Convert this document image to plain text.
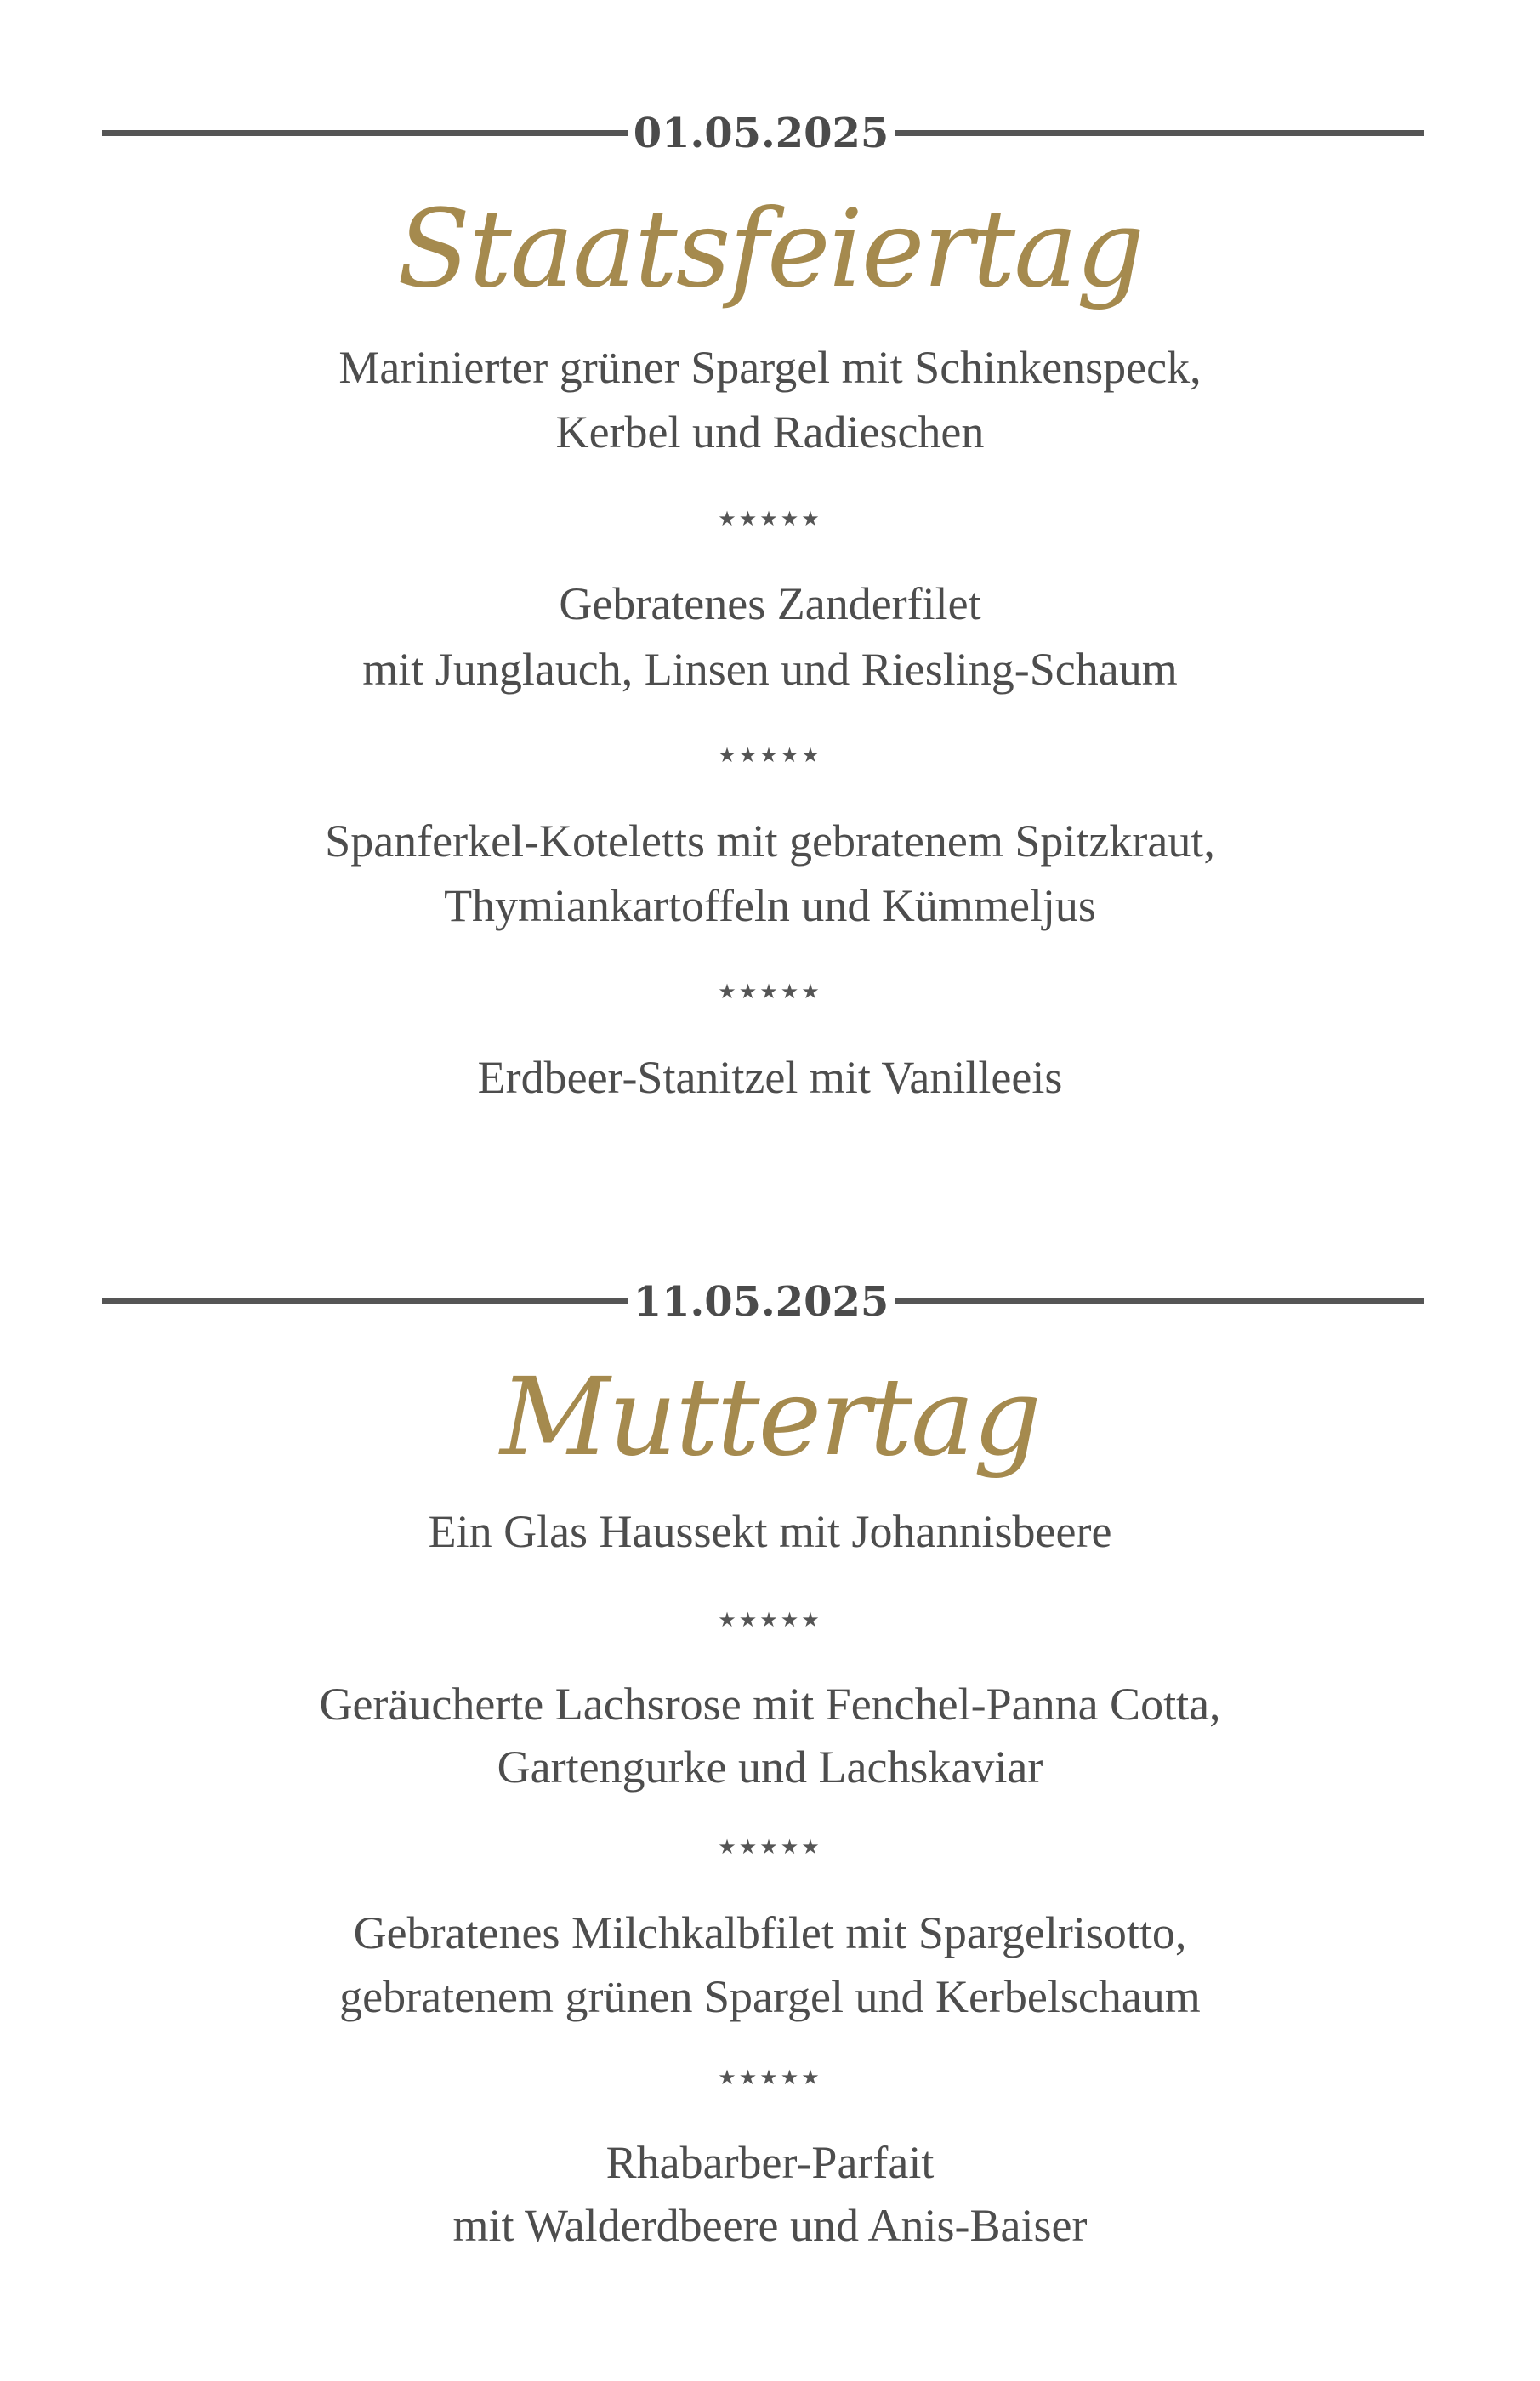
01.05.2025
Staatsfeiertag
Marinierter grüner Spargel mit Schinkenspeck,
Kerbel und Radieschen
★★★★★
Gebratenes Zanderfilet
mit Junglauch, Linsen und Riesling-Schaum
★★★★★
Spanferkel-Koteletts mit gebratenem Spitzkraut,
Thymiankartoffeln und Kümmeljus
★★★★★
Erdbeer-Stanitzel mit Vanilleeis
11.05.2025
Muttertag
Ein Glas Haussekt mit Johannisbeere
★★★★★
Geräucherte Lachsrose mit Fenchel-Panna Cotta,
Gartengurke und Lachskaviar
★★★★★
Gebratenes Milchkalbfilet mit Spargelrisotto,
gebratenem grünen Spargel und Kerbelschaum
★★★★★
Rhabarber-Parfait
mit Walderdbeere und Anis-Baiser
